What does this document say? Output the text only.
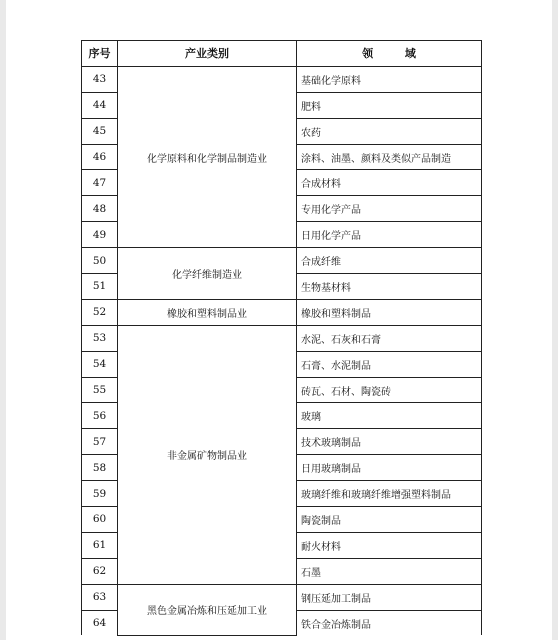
序号	产业类别	领 域
43	化学原料和化学制品制造业	基础化学原料
44		肥料
45		农药
46		涂料、油墨、颜料及类似产品制造
47		合成材料
48		专用化学产品
49		日用化学产品
50	化学纤维制造业	合成纤维
51		生物基材料
52	橡胶和塑料制品业	橡胶和塑料制品
53	非金属矿物制品业	水泥、石灰和石膏
54		石膏、水泥制品
55		砖瓦、石材、陶瓷砖
56		玻璃
57		技术玻璃制品
58		日用玻璃制品
59		玻璃纤维和玻璃纤维增强塑料制品
60		陶瓷制品
61		耐火材料
62		石墨
63	黑色金属冶炼和压延加工业	钢压延加工制品
64		铁合金冶炼制品
